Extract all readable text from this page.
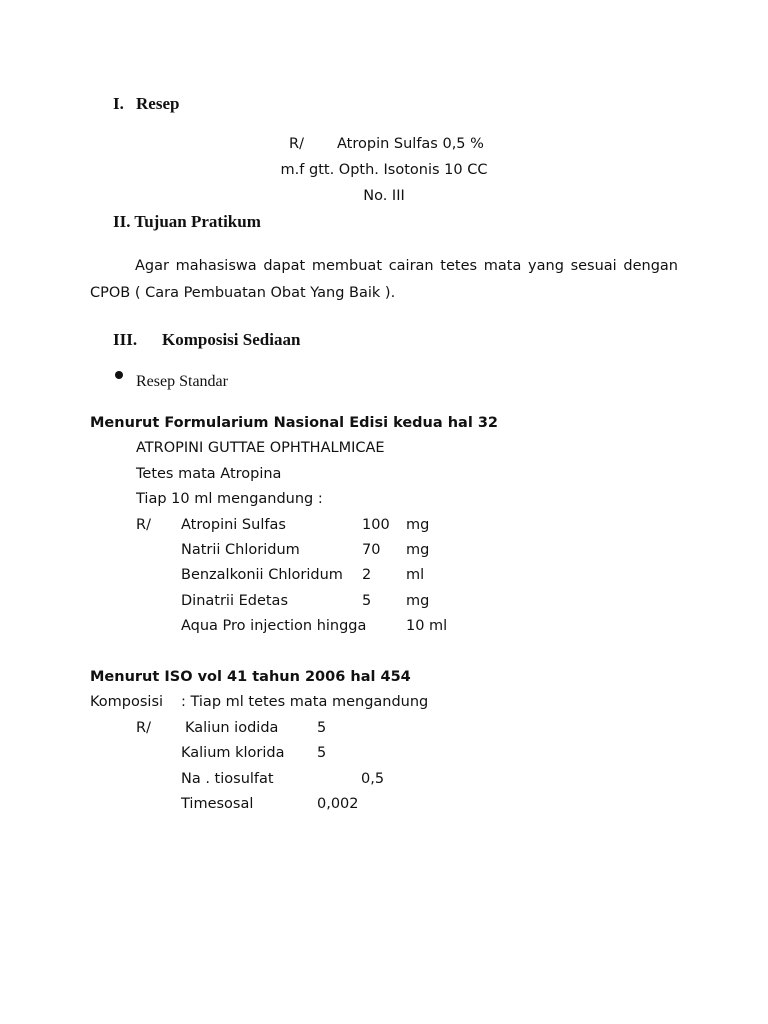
I. Resep
R/ Atropin Sulfas 0,5 %
m.f gtt. Opth. Isotonis 10 CC
No. III
II. Tujuan Pratikum
Agar mahasiswa dapat membuat cairan tetes mata yang sesuai dengan CPOB ( Cara Pembuatan Obat Yang Baik ).
III. Komposisi Sediaan
Resep Standar
Menurut Formularium Nasional Edisi kedua hal 32
ATROPINI GUTTAE OPHTHALMICAE
Tetes mata Atropina
Tiap 10 ml mengandung :
R/ Atropini Sulfas	100 mg
Natrii Chloridum	70 mg
Benzalkonii Chloridum 2 ml
Dinatrii Edetas	5 mg
Aqua Pro injection hingga	10 ml
Menurut ISO vol 41 tahun 2006 hal 454
Komposisi : Tiap ml tetes mata mengandung
R/ Kaliun iodida	5
Kalium klorida 5
Na . tiosulfat	0,5
Timesosal	0,002
